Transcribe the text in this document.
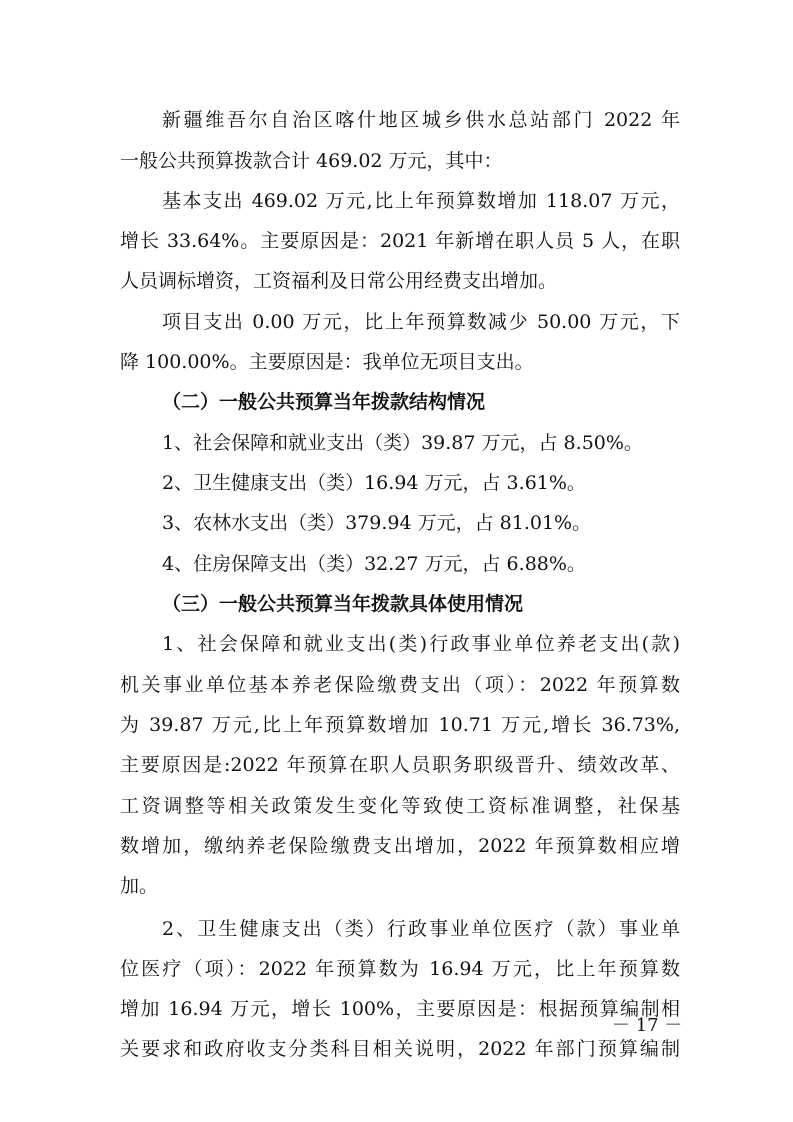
新疆维吾尔自治区喀什地区城乡供水总站部门 2022 年
一般公共预算拨款合计 469.02 万元，其中：
基本支出 469.02 万元,比上年预算数增加 118.07 万元，
增长 33.64%。主要原因是：2021 年新增在职人员 5 人，在职
人员调标增资，工资福利及日常公用经费支出增加。
项目支出 0.00 万元，比上年预算数减少 50.00 万元，下
降 100.00%。主要原因是：我单位无项目支出。
（二）一般公共预算当年拨款结构情况
1、社会保障和就业支出（类）39.87 万元，占 8.50%。
2、卫生健康支出（类）16.94 万元，占 3.61%。
3、农林水支出（类）379.94 万元，占 81.01%。
4、住房保障支出（类）32.27 万元，占 6.88%。
（三）一般公共预算当年拨款具体使用情况
1、社会保障和就业支出(类)行政事业单位养老支出(款)
机关事业单位基本养老保险缴费支出（项）：2022 年预算数
为 39.87 万元,比上年预算数增加 10.71 万元,增长 36.73%,
主要原因是:2022 年预算在职人员职务职级晋升、绩效改革、
工资调整等相关政策发生变化等致使工资标准调整，社保基
数增加，缴纳养老保险缴费支出增加，2022 年预算数相应增
加。
2、卫生健康支出（类）行政事业单位医疗（款）事业单
位医疗（项）：2022 年预算数为 16.94 万元，比上年预算数
增加 16.94 万元，增长 100%，主要原因是：根据预算编制相
关要求和政府收支分类科目相关说明，2022 年部门预算编制
－ 17 －
